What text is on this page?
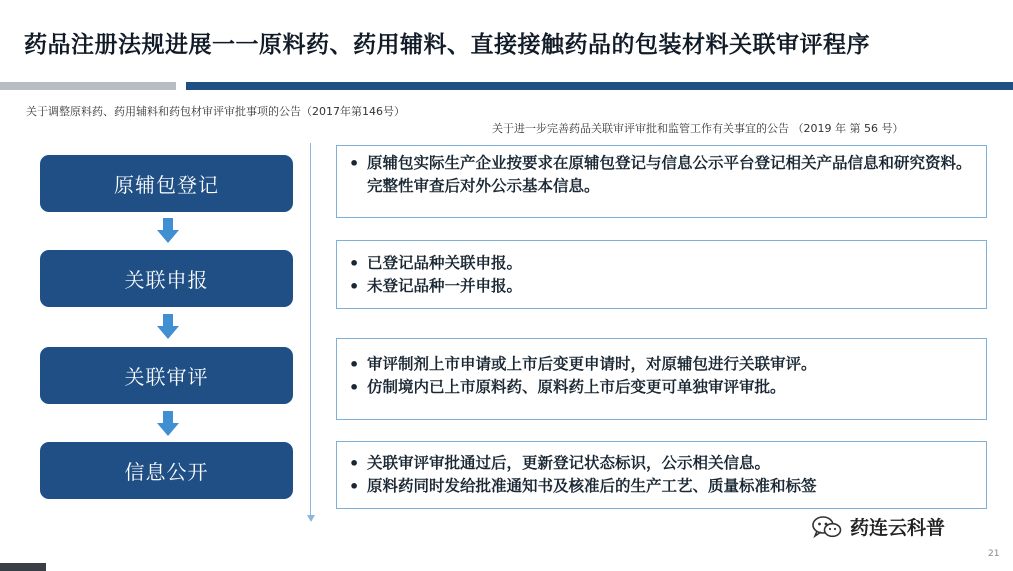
药品注册法规进展一一原料药、药用辅料、直接接触药品的包装材料关联审评程序
关于调整原料药、药用辅料和药包材审评审批事项的公告（2017年第146号）
关于进一步完善药品关联审评审批和监管工作有关事宜的公告 （2019 年 第 56 号）
原辅包登记
关联申报
关联审评
信息公开
• 原辅包实际生产企业按要求在原辅包登记与信息公示平台登记相关产品信息和研究资料。完整性审查后对外公示基本信息。
• 已登记品种关联申报。
• 未登记品种一并申报。
• 审评制剂上市申请或上市后变更申请时，对原辅包进行关联审评。
• 仿制境内已上市原料药、原料药上市后变更可单独审评审批。
• 关联审评审批通过后，更新登记状态标识，公示相关信息。
• 原料药同时发给批准通知书及核准后的生产工艺、质量标准和标签
药连云科普
21
